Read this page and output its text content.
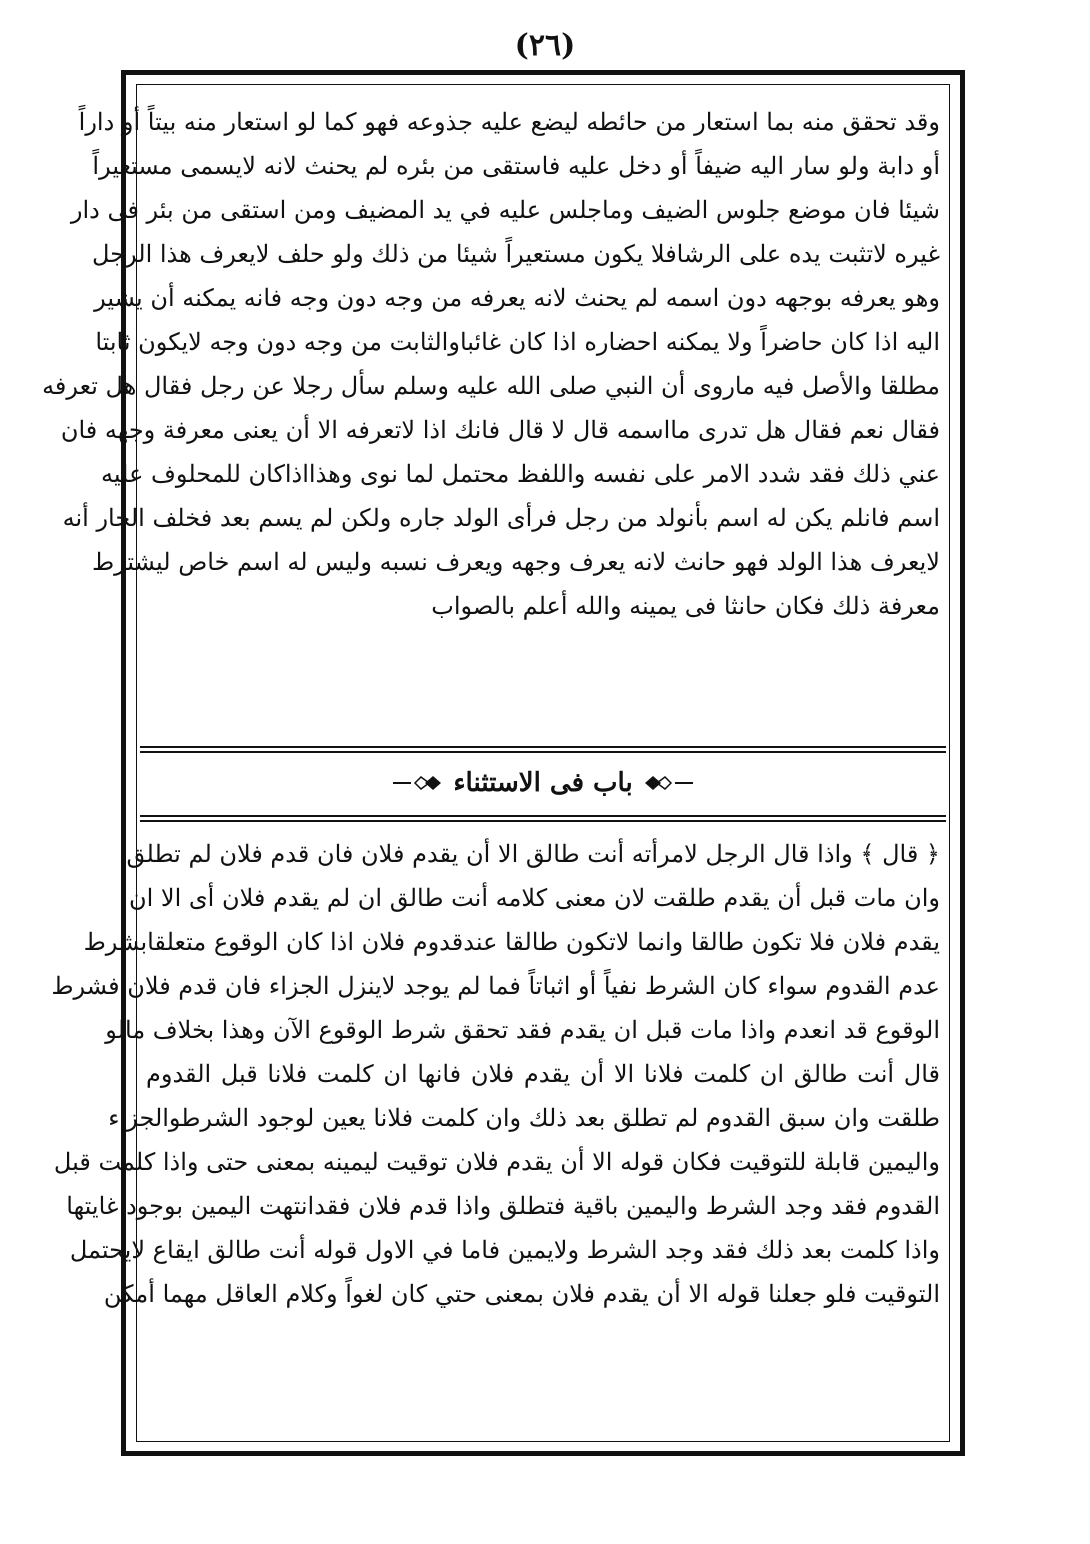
(٢٦)
وقد تحقق منه بما استعار من حائطه ليضع عليه جذوعه فهو كما لو استعار منه بيتاً أو داراً
أو دابة ولو سار اليه ضيفاً أو دخل عليه فاستقى من بئره لم يحنث لانه لايسمى مستعيراً
شيئا فان موضع جلوس الضيف وماجلس عليه في يد المضيف ومن استقى من بئر فى دار
غيره لاتثبت يده على الرشافلا يكون مستعيراً شيئا من ذلك ولو حلف لايعرف هذا الرجل
وهو يعرفه بوجهه دون اسمه لم يحنث لانه يعرفه من وجه دون وجه فانه يمكنه أن يشير
اليه اذا كان حاضراً ولا يمكنه احضاره اذا كان غائباوالثابت من وجه دون وجه لايكون ثابتا
مطلقا والأصل فيه ماروى أن النبي صلى الله عليه وسلم سأل رجلا عن رجل فقال هل تعرفه
فقال نعم فقال هل تدرى مااسمه قال لا قال فانك اذا لاتعرفه الا أن يعنى معرفة وجهه فان
عني ذلك فقد شدد الامر على نفسه واللفظ محتمل لما نوى وهذااذاكان للمحلوف عليه
اسم فانلم يكن له اسم بأنولد من رجل فرأى الولد جاره ولكن لم يسم بعد فخلف الجار أنه
لايعرف هذا الولد فهو حانث لانه يعرف وجهه ويعرف نسبه وليس له اسم خاص ليشترط
معرفة ذلك فكان حانثا فى يمينه والله أعلم بالصواب
باب فى الاستثناء
﴿ قال ﴾ واذا قال الرجل لامرأته أنت طالق الا أن يقدم فلان فان قدم فلان لم تطلق
وان مات قبل أن يقدم طلقت لان معنى كلامه أنت طالق ان لم يقدم فلان أى الا ان
يقدم فلان فلا تكون طالقا وانما لاتكون طالقا عندقدوم فلان اذا كان الوقوع متعلقابشرط
عدم القدوم سواء كان الشرط نفياً أو اثباتاً فما لم يوجد لاينزل الجزاء فان قدم فلان فشرط
الوقوع قد انعدم واذا مات قبل ان يقدم فقد تحقق شرط الوقوع الآن وهذا بخلاف مالو
قال أنت طالق ان كلمت فلانا الا أن يقدم فلان فانها ان كلمت فلانا قبل القدوم
طلقت وان سبق القدوم لم تطلق بعد ذلك وان كلمت فلانا يعين لوجود الشرطوالجزاء
واليمين قابلة للتوقيت فكان قوله الا أن يقدم فلان توقيت ليمينه بمعنى حتى واذا كلمت قبل
القدوم فقد وجد الشرط واليمين باقية فتطلق واذا قدم فلان فقدانتهت اليمين بوجود غايتها
واذا كلمت بعد ذلك فقد وجد الشرط ولايمين فاما في الاول قوله أنت طالق ايقاع لايحتمل
التوقيت فلو جعلنا قوله الا أن يقدم فلان بمعنى حتي كان لغواً وكلام العاقل مهما أمكن
